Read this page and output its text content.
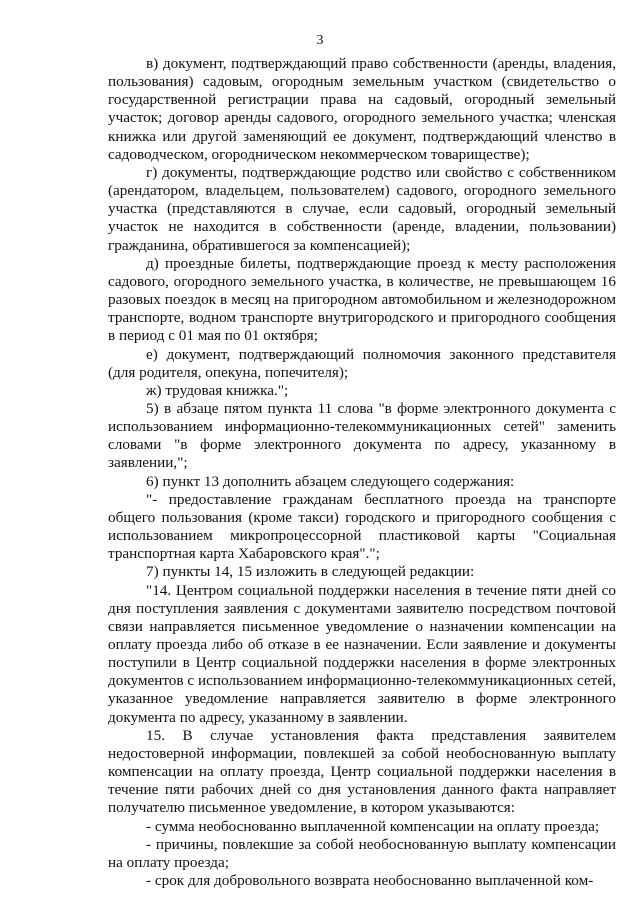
3

в) документ, подтверждающий право собственности (аренды, владения, пользования) садовым, огородным земельным участком (свидетельство о государственной регистрации права на садовый, огородный земельный участок; договор аренды садового, огородного земельного участка; членская книжка или другой заменяющий ее документ, подтверждающий членство в садоводческом, огородническом некоммерческом товариществе);

г) документы, подтверждающие родство или свойство с собственником (арендатором, владельцем, пользователем) садового, огородного земельного участка (представляются в случае, если садовый, огородный земельный участок не находится в собственности (аренде, владении, пользовании) гражданина, обратившегося за компенсацией);

д) проездные билеты, подтверждающие проезд к месту расположения садового, огородного земельного участка, в количестве, не превышающем 16 разовых поездок в месяц на пригородном автомобильном и железнодорожном транспорте, водном транспорте внутригородского и пригородного сообщения в период с 01 мая по 01 октября;

е) документ, подтверждающий полномочия законного представителя (для родителя, опекуна, попечителя);

ж) трудовая книжка.";

5) в абзаце пятом пункта 11 слова "в форме электронного документа с использованием информационно-телекоммуникационных сетей" заменить словами "в форме электронного документа по адресу, указанному в заявлении,";

6) пункт 13 дополнить абзацем следующего содержания:

"- предоставление гражданам бесплатного проезда на транспорте общего пользования (кроме такси) городского и пригородного сообщения с использованием микропроцессорной пластиковой карты "Социальная транспортная карта Хабаровского края".";

7) пункты 14, 15 изложить в следующей редакции:

"14. Центром социальной поддержки населения в течение пяти дней со дня поступления заявления с документами заявителю посредством почтовой связи направляется письменное уведомление о назначении компенсации на оплату проезда либо об отказе в ее назначении. Если заявление и документы поступили в Центр социальной поддержки населения в форме электронных документов с использованием информационно-телекоммуникационных сетей, указанное уведомление направляется заявителю в форме электронного документа по адресу, указанному в заявлении.

15. В случае установления факта представления заявителем недостоверной информации, повлекшей за собой необоснованную выплату компенсации на оплату проезда, Центр социальной поддержки населения в течение пяти рабочих дней со дня установления данного факта направляет получателю письменное уведомление, в котором указываются:

- сумма необоснованно выплаченной компенсации на оплату проезда;

- причины, повлекшие за собой необоснованную выплату компенсации на оплату проезда;

- срок для добровольного возврата необоснованно выплаченной ком-
